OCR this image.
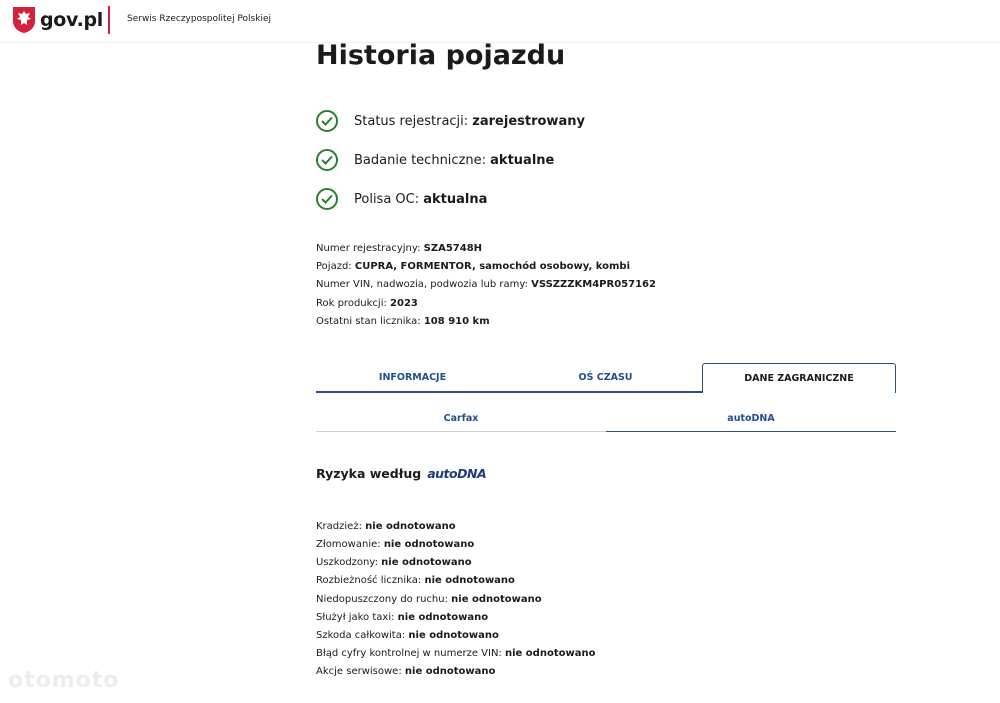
gov.pl	Serwis Rzeczypospolitej Polskiej
Historia pojazdu
Status rejestracji: zarejestrowany
Badanie techniczne: aktualne
Polisa OC: aktualna
Numer rejestracyjny: SZA5748H
Pojazd: CUPRA, FORMENTOR, samochód osobowy, kombi
Numer VIN, nadwozia, podwozia lub ramy: VSSZZZKM4PR057162
Rok produkcji: 2023
Ostatni stan licznika: 108 910 km
INFORMACJE	OŚ CZASU	DANE ZAGRANICZNE
Carfax	autoDNA
Ryzyka według autoDNA
Kradzież: nie odnotowano
Złomowanie: nie odnotowano
Uszkodzony: nie odnotowano
Rozbieżność licznika: nie odnotowano
Niedopuszczony do ruchu: nie odnotowano
Służył jako taxi: nie odnotowano
Szkoda całkowita: nie odnotowano
Błąd cyfry kontrolnej w numerze VIN: nie odnotowano
Akcje serwisowe: nie odnotowano
otomoto
